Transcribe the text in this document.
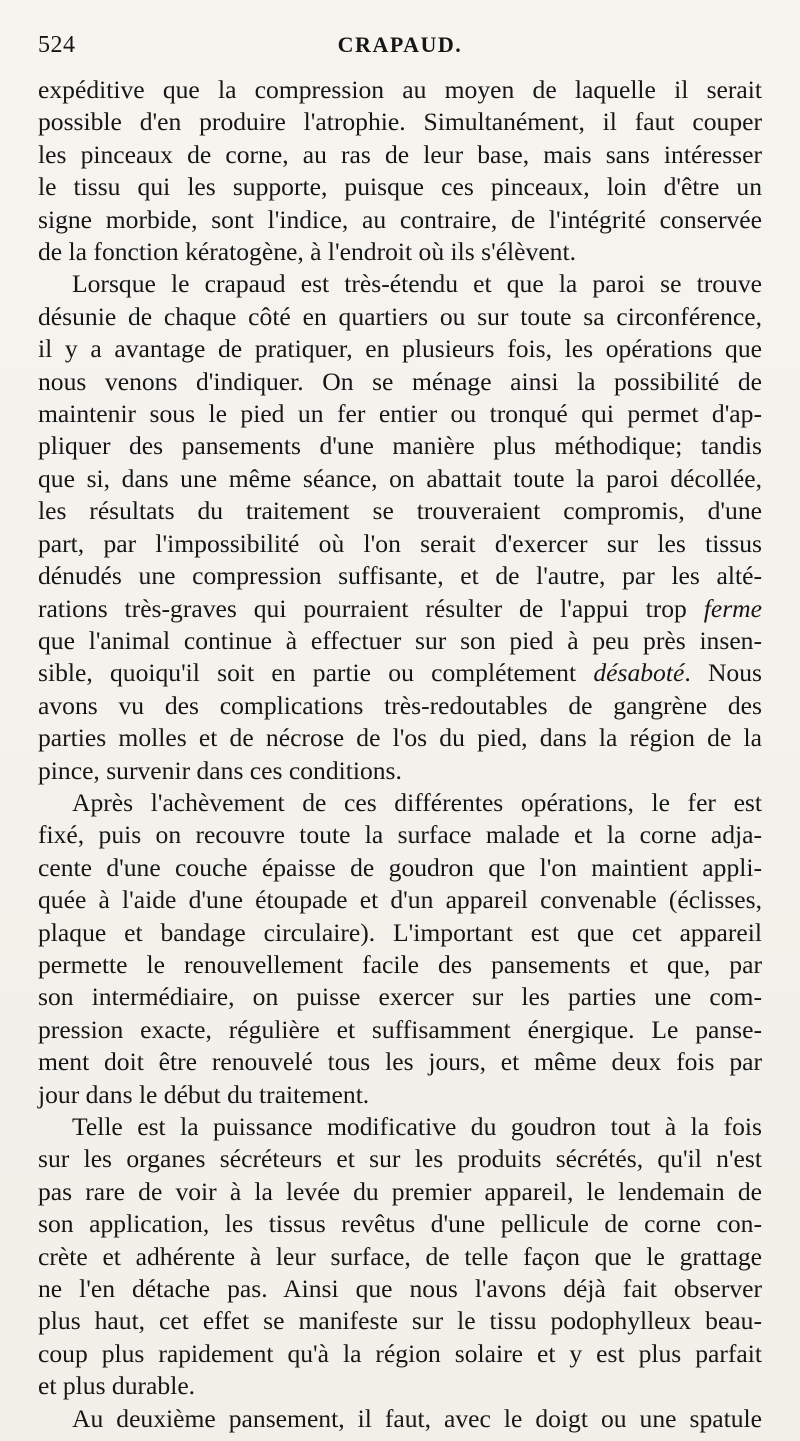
524	CRAPAUD.
expéditive que la compression au moyen de laquelle il serait
possible d'en produire l'atrophie. Simultanément, il faut couper
les pinceaux de corne, au ras de leur base, mais sans intéresser
le tissu qui les supporte, puisque ces pinceaux, loin d'être un
signe morbide, sont l'indice, au contraire, de l'intégrité conservée
de la fonction kératogène, à l'endroit où ils s'élèvent.
Lorsque le crapaud est très-étendu et que la paroi se trouve
désunie de chaque côté en quartiers ou sur toute sa circonférence,
il y a avantage de pratiquer, en plusieurs fois, les opérations que
nous venons d'indiquer. On se ménage ainsi la possibilité de
maintenir sous le pied un fer entier ou tronqué qui permet d'ap-
pliquer des pansements d'une manière plus méthodique; tandis
que si, dans une même séance, on abattait toute la paroi décollée,
les résultats du traitement se trouveraient compromis, d'une
part, par l'impossibilité où l'on serait d'exercer sur les tissus
dénudés une compression suffisante, et de l'autre, par les alté-
rations très-graves qui pourraient résulter de l'appui trop ferme
que l'animal continue à effectuer sur son pied à peu près insen-
sible, quoiqu'il soit en partie ou complétement désaboté. Nous
avons vu des complications très-redoutables de gangrène des
parties molles et de nécrose de l'os du pied, dans la région de la
pince, survenir dans ces conditions.
Après l'achèvement de ces différentes opérations, le fer est
fixé, puis on recouvre toute la surface malade et la corne adja-
cente d'une couche épaisse de goudron que l'on maintient appli-
quée à l'aide d'une étoupade et d'un appareil convenable (éclisses,
plaque et bandage circulaire). L'important est que cet appareil
permette le renouvellement facile des pansements et que, par
son intermédiaire, on puisse exercer sur les parties une com-
pression exacte, régulière et suffisamment énergique. Le panse-
ment doit être renouvelé tous les jours, et même deux fois par
jour dans le début du traitement.
Telle est la puissance modificative du goudron tout à la fois
sur les organes sécréteurs et sur les produits sécrétés, qu'il n'est
pas rare de voir à la levée du premier appareil, le lendemain de
son application, les tissus revêtus d'une pellicule de corne con-
crète et adhérente à leur surface, de telle façon que le grattage
ne l'en détache pas. Ainsi que nous l'avons déjà fait observer
plus haut, cet effet se manifeste sur le tissu podophylleux beau-
coup plus rapidement qu'à la région solaire et y est plus parfait
et plus durable.
Au deuxième pansement, il faut, avec le doigt ou une spatule
